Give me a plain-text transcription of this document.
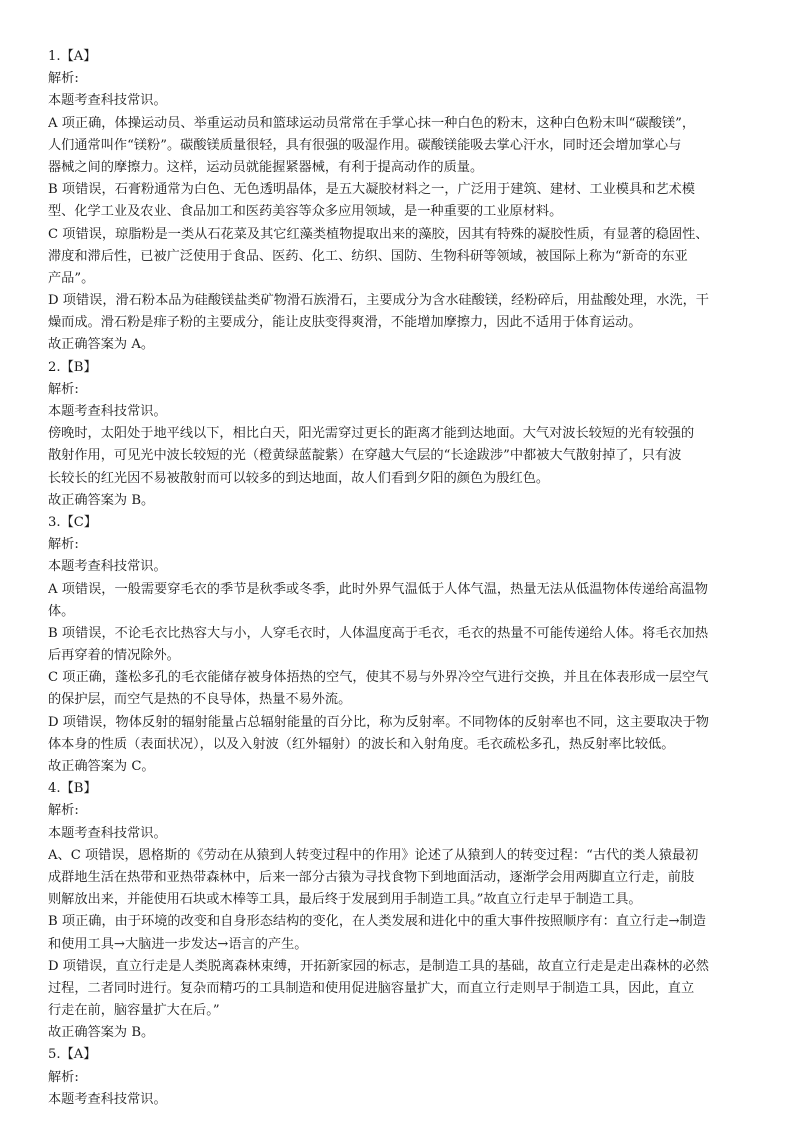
1.【A】
解析:
本题考查科技常识。
A 项正确，体操运动员、举重运动员和篮球运动员常常在手掌心抹一种白色的粉末，这种白色粉末叫“碳酸镁”，
人们通常叫作“镁粉”。碳酸镁质量很轻，具有很强的吸湿作用。碳酸镁能吸去掌心汗水，同时还会增加掌心与
器械之间的摩擦力。这样，运动员就能握紧器械，有利于提高动作的质量。
B 项错误，石膏粉通常为白色、无色透明晶体，是五大凝胶材料之一，广泛用于建筑、建材、工业模具和艺术模
型、化学工业及农业、食品加工和医药美容等众多应用领域，是一种重要的工业原材料。
C 项错误，琼脂粉是一类从石花菜及其它红藻类植物提取出来的藻胶，因其有特殊的凝胶性质，有显著的稳固性、
滞度和滞后性，已被广泛使用于食品、医药、化工、纺织、国防、生物科研等领域，被国际上称为“新奇的东亚
产品”。
D 项错误，滑石粉本品为硅酸镁盐类矿物滑石族滑石，主要成分为含水硅酸镁，经粉碎后，用盐酸处理，水洗，干
燥而成。滑石粉是痱子粉的主要成分，能让皮肤变得爽滑，不能增加摩擦力，因此不适用于体育运动。
故正确答案为 A。
2.【B】
解析:
本题考查科技常识。
傍晚时，太阳处于地平线以下，相比白天，阳光需穿过更长的距离才能到达地面。大气对波长较短的光有较强的
散射作用，可见光中波长较短的光（橙黄绿蓝靛紫）在穿越大气层的“长途跋涉”中都被大气散射掉了，只有波
长较长的红光因不易被散射而可以较多的到达地面，故人们看到夕阳的颜色为殷红色。
故正确答案为 B。
3.【C】
解析:
本题考查科技常识。
A 项错误，一般需要穿毛衣的季节是秋季或冬季，此时外界气温低于人体气温，热量无法从低温物体传递给高温物
体。
B 项错误，不论毛衣比热容大与小，人穿毛衣时，人体温度高于毛衣，毛衣的热量不可能传递给人体。将毛衣加热
后再穿着的情况除外。
C 项正确，蓬松多孔的毛衣能储存被身体捂热的空气，使其不易与外界冷空气进行交换，并且在体表形成一层空气
的保护层，而空气是热的不良导体，热量不易外流。
D 项错误，物体反射的辐射能量占总辐射能量的百分比，称为反射率。不同物体的反射率也不同，这主要取决于物
体本身的性质（表面状况），以及入射波（红外辐射）的波长和入射角度。毛衣疏松多孔，热反射率比较低。
故正确答案为 C。
4.【B】
解析:
本题考查科技常识。
A、C 项错误，恩格斯的《劳动在从猿到人转变过程中的作用》论述了从猿到人的转变过程：“古代的类人猿最初
成群地生活在热带和亚热带森林中，后来一部分古猿为寻找食物下到地面活动，逐渐学会用两脚直立行走，前肢
则解放出来，并能使用石块或木棒等工具，最后终于发展到用手制造工具。”故直立行走早于制造工具。
B 项正确，由于环境的改变和自身形态结构的变化，在人类发展和进化中的重大事件按照顺序有：直立行走→制造
和使用工具→大脑进一步发达→语言的产生。
D 项错误，直立行走是人类脱离森林束缚，开拓新家园的标志，是制造工具的基础，故直立行走是走出森林的必然
过程，二者同时进行。复杂而精巧的工具制造和使用促进脑容量扩大，而直立行走则早于制造工具，因此，直立
行走在前，脑容量扩大在后。”
故正确答案为 B。
5.【A】
解析:
本题考查科技常识。
